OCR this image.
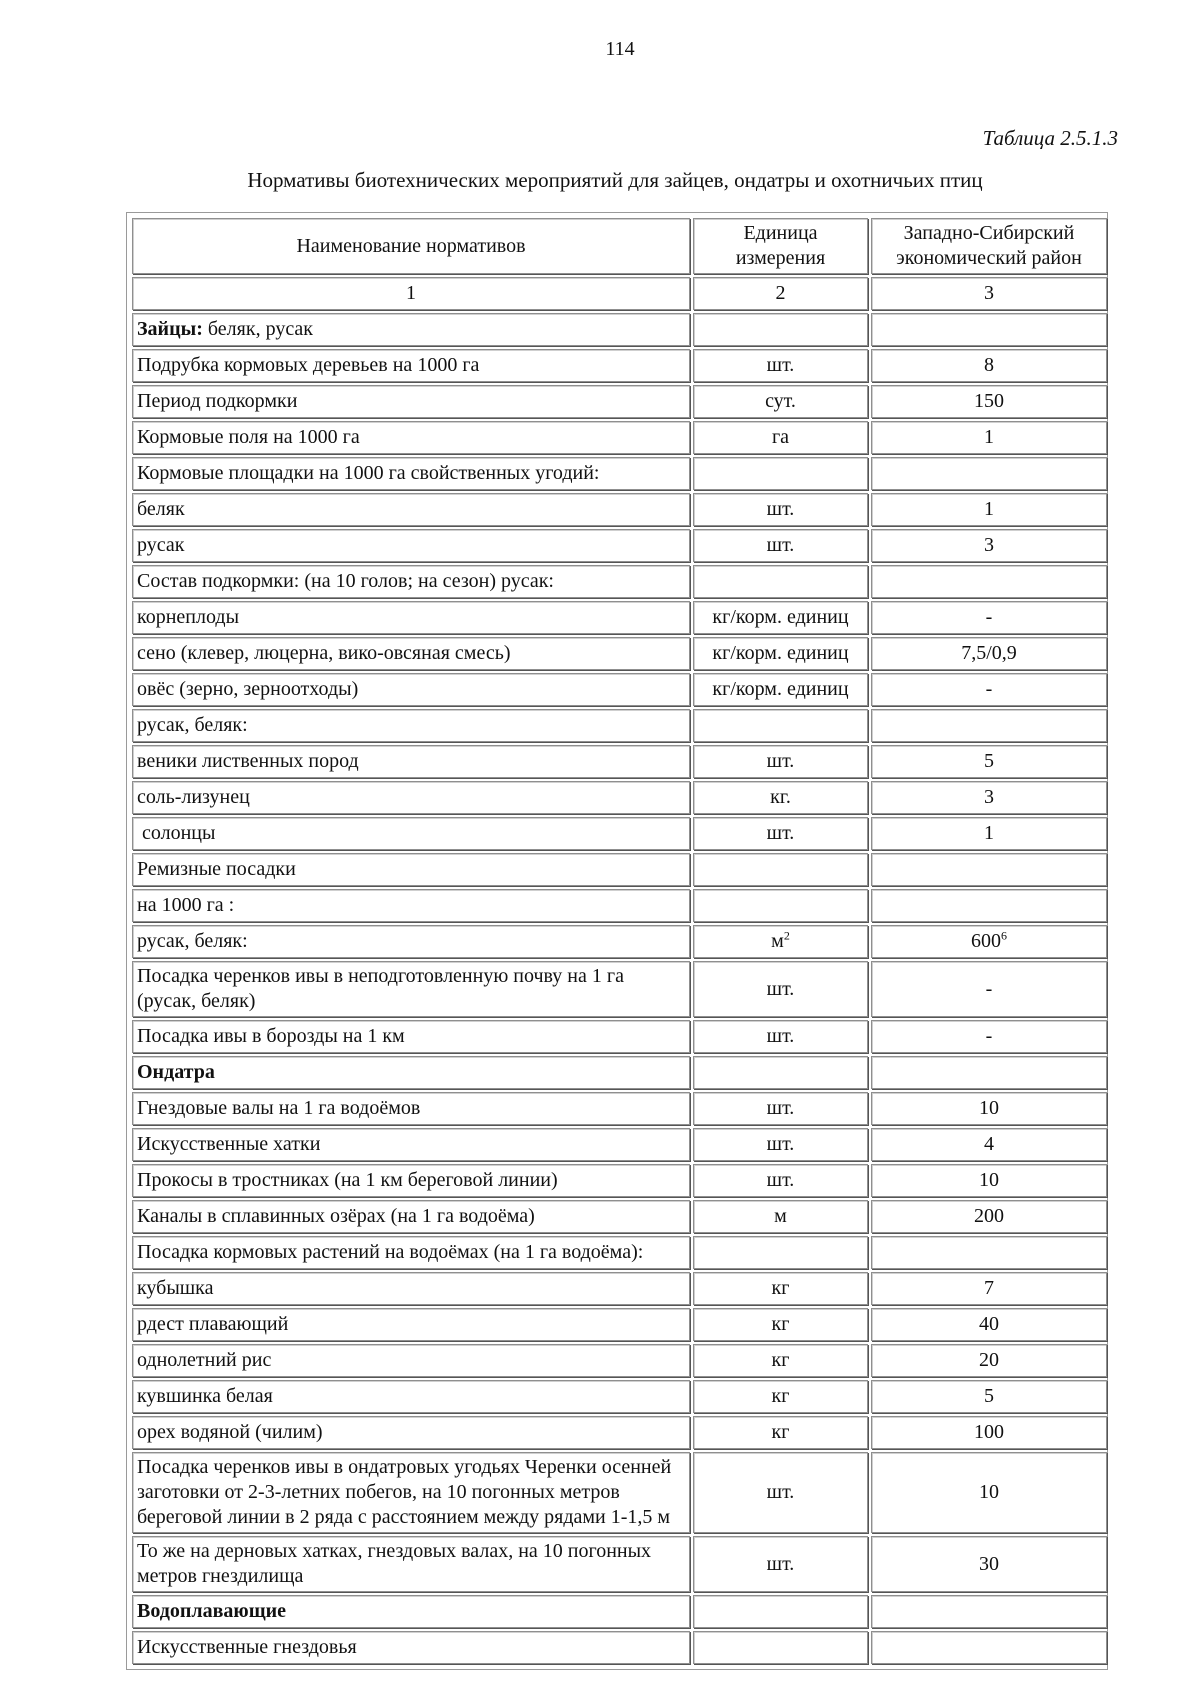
114
Таблица 2.5.1.3
Нормативы биотехнических мероприятий для зайцев, ондатры и охотничьих птиц
Наименование нормативов	Единица измерения	Западно-Сибирский экономический район
1	2	3
Зайцы: беляк, русак		
Подрубка кормовых деревьев на 1000 га	шт.	8
Период подкормки	сут.	150
Кормовые поля на 1000 га	га	1
Кормовые площадки на 1000 га свойственных угодий:		
беляк	шт.	1
русак	шт.	3
Состав подкормки: (на 10 голов; на сезон) русак:		
корнеплоды	кг/корм. единиц	-
сено (клевер, люцерна, вико-овсяная смесь)	кг/корм. единиц	7,5/0,9
овёс (зерно, зерноотходы)	кг/корм. единиц	-
русак, беляк:		
веники лиственных пород	шт.	5
соль-лизунец	кг.	3
солонцы	шт.	1
Ремизные посадки		
на 1000 га :		
русак, беляк:	$м^2$	$600^6$
Посадка черенков ивы в неподготовленную почву на 1 га (русак, беляк)	шт.	-
Посадка ивы в борозды на 1 км	шт.	-
Ондатра		
Гнездовые валы на 1 га водоёмов	шт.	10
Искусственные хатки	шт.	4
Прокосы в тростниках (на 1 км береговой линии)	шт.	10
Каналы в сплавинных озёрах (на 1 га водоёма)	м	200
Посадка кормовых растений на водоёмах (на 1 га водоёма):		
кубышка	кг	7
рдест плавающий	кг	40
однолетний рис	кг	20
кувшинка белая	кг	5
орех водяной (чилим)	кг	100
Посадка черенков ивы в ондатровых угодьях Черенки осенней заготовки от 2-3-летних побегов, на 10 погонных метров береговой линии в 2 ряда с расстоянием между рядами 1-1,5 м	шт.	10
То же на дерновых хатках, гнездовых валах, на 10 погонных метров гнездилища	шт.	30
Водоплавающие		
Искусственные гнездовья		
